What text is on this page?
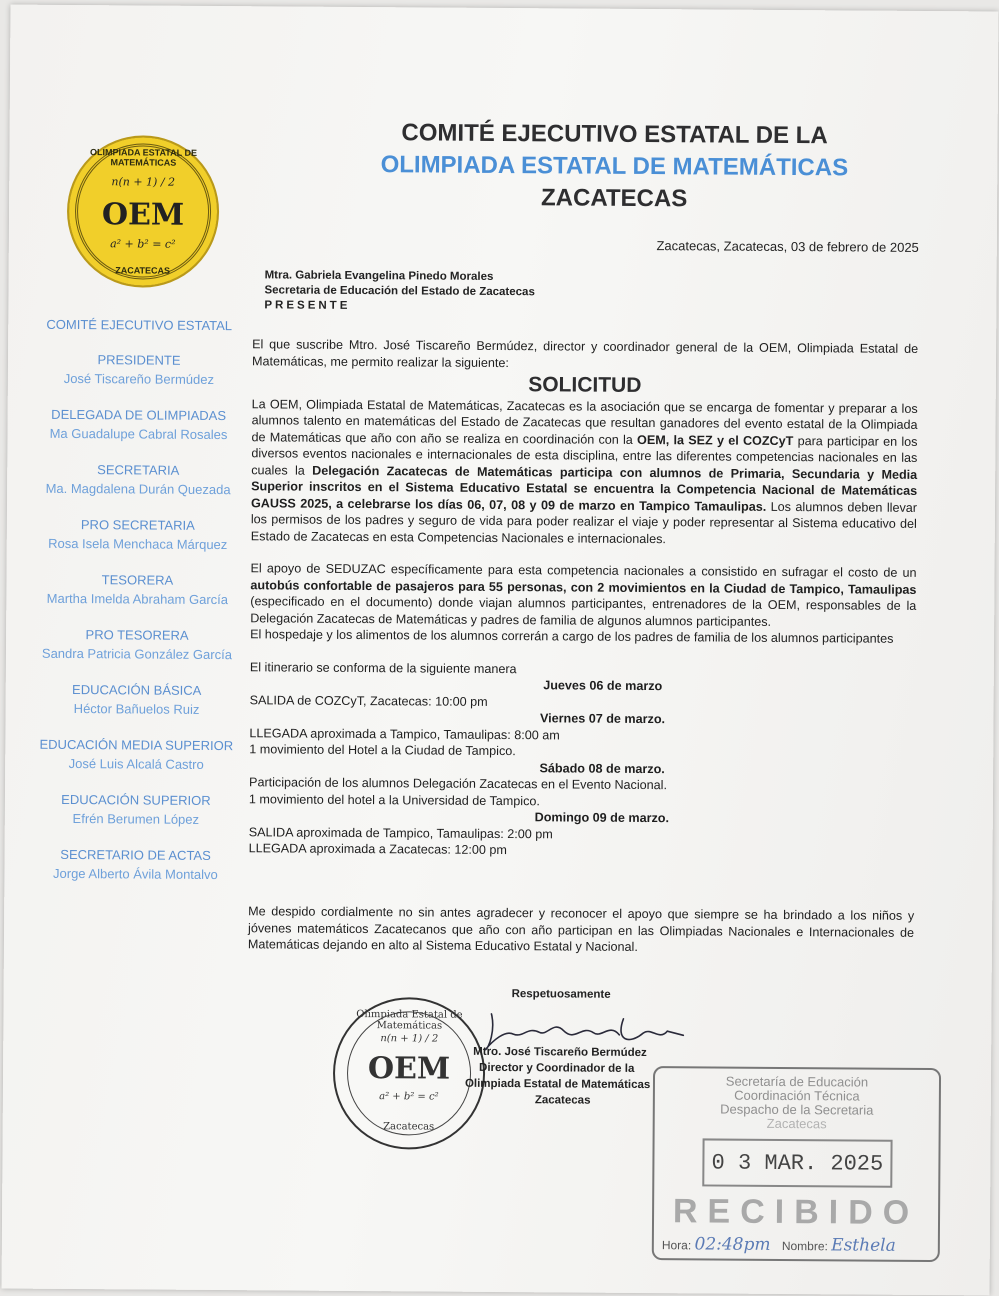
OLIMPIADA ESTATAL DE MATEMÁTICAS
n(n + 1) / 2
OEM
a² + b² = c²
ZACATECAS
COMITÉ EJECUTIVO ESTATAL DE LA
OLIMPIADA ESTATAL DE MATEMÁTICAS
ZACATECAS
Zacatecas, Zacatecas, 03 de febrero de 2025
COMITÉ EJECUTIVO ESTATAL
PRESIDENTE
José Tiscareño Bermúdez
DELEGADA DE OLIMPIADAS
Ma Guadalupe Cabral Rosales
SECRETARIA
Ma. Magdalena Durán Quezada
PRO SECRETARIA
Rosa Isela Menchaca Márquez
TESORERA
Martha Imelda Abraham García
PRO TESORERA
Sandra Patricia González García
EDUCACIÓN BÁSICA
Héctor Bañuelos Ruiz
EDUCACIÓN MEDIA SUPERIOR
José Luis Alcalá Castro
EDUCACIÓN SUPERIOR
Efrén Berumen López
SECRETARIO DE ACTAS
Jorge Alberto Ávila Montalvo
Mtra. Gabriela Evangelina Pinedo Morales
Secretaria de Educación del Estado de Zacatecas
PRESENTE
El que suscribe Mtro. José Tiscareño Bermúdez, director y coordinador general de la OEM, Olimpiada Estatal de Matemáticas, me permito realizar la siguiente:
SOLICITUD
La OEM, Olimpiada Estatal de Matemáticas, Zacatecas es la asociación que se encarga de fomentar y preparar a los alumnos talento en matemáticas del Estado de Zacatecas que resultan ganadores del evento estatal de la Olimpiada de Matemáticas que año con año se realiza en coordinación con la OEM, la SEZ y el COZCyT para participar en los diversos eventos nacionales e internacionales de esta disciplina, entre las diferentes competencias nacionales en las cuales la Delegación Zacatecas de Matemáticas participa con alumnos de Primaria, Secundaria y Media Superior inscritos en el Sistema Educativo Estatal se encuentra la Competencia Nacional de Matemáticas GAUSS 2025, a celebrarse los días 06, 07, 08 y 09 de marzo en Tampico Tamaulipas. Los alumnos deben llevar los permisos de los padres y seguro de vida para poder realizar el viaje y poder representar al Sistema educativo del Estado de Zacatecas en esta Competencias Nacionales e internacionales.
El apoyo de SEDUZAC específicamente para esta competencia nacionales a consistido en sufragar el costo de un autobús confortable de pasajeros para 55 personas, con 2 movimientos en la Ciudad de Tampico, Tamaulipas (especificado en el documento) donde viajan alumnos participantes, entrenadores de la OEM, responsables de la Delegación Zacatecas de Matemáticas y padres de familia de algunos alumnos participantes.
El hospedaje y los alimentos de los alumnos correrán a cargo de los padres de familia de los alumnos participantes
El itinerario se conforma de la siguiente manera
Jueves 06 de marzo
SALIDA de COZCyT, Zacatecas: 10:00 pm
Viernes 07 de marzo.
LLEGADA aproximada a Tampico, Tamaulipas: 8:00 am
1 movimiento del Hotel a la Ciudad de Tampico.
Sábado 08 de marzo.
Participación de los alumnos Delegación Zacatecas en el Evento Nacional.
1 movimiento del hotel a la Universidad de Tampico.
Domingo 09 de marzo.
SALIDA aproximada de Tampico, Tamaulipas: 2:00 pm
LLEGADA aproximada a Zacatecas: 12:00 pm
Me despido cordialmente no sin antes agradecer y reconocer el apoyo que siempre se ha brindado a los niños y jóvenes matemáticos Zacatecanos que año con año participan en las Olimpiadas Nacionales e Internacionales de Matemáticas dejando en alto al Sistema Educativo Estatal y Nacional.
Olimpiada Estatal de Matemáticas
n(n + 1) / 2
OEM
a² + b² = c²
Zacatecas
Respetuosamente
Mtro. José Tiscareño Bermúdez
Director y Coordinador de la
Olimpiada Estatal de Matemáticas
Zacatecas
Secretaría de Educación
Coordinación Técnica
Despacho de la Secretaria
Zacatecas
0 3 MAR. 2025
RECIBIDO
Hora: 02:48pm Nombre: Esthela
